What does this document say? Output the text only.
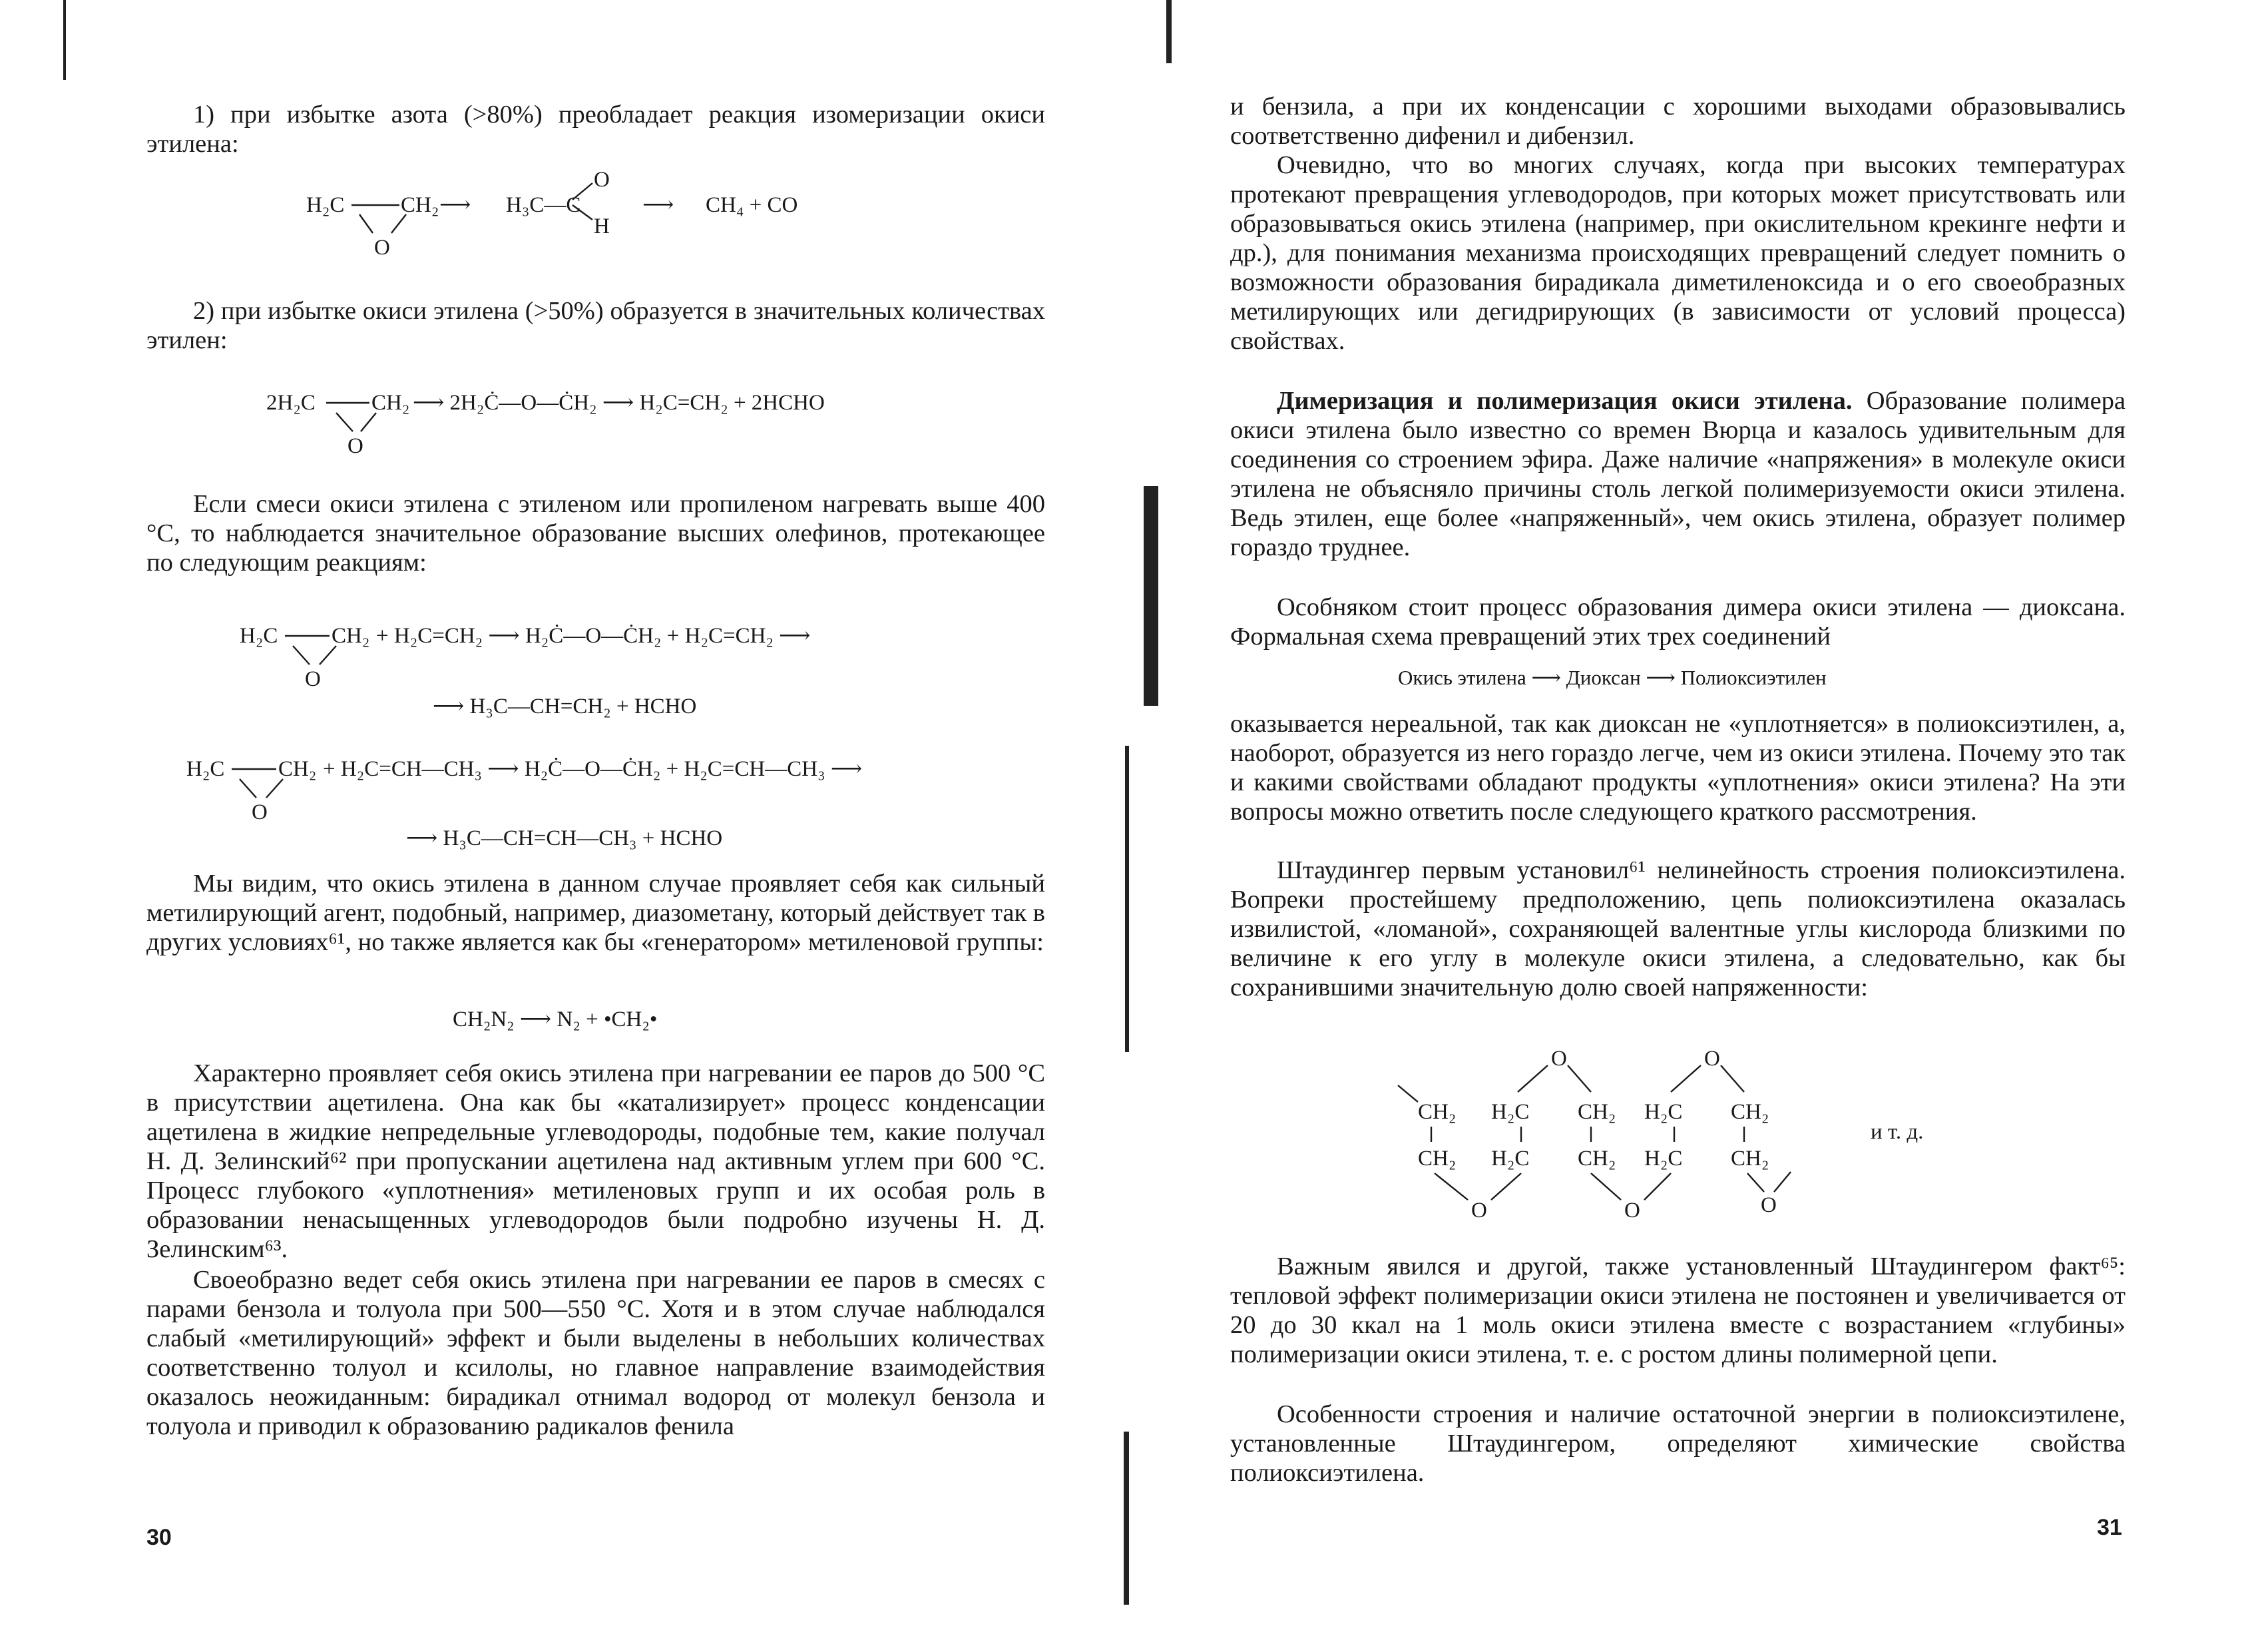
1) при избытке азота (>80%) преобладает реакция изомеризации окиси этилена:

H₂C	CH₂
O
⟶ H₃C—C
O
H
⟶ CH₄ + CO

2) при избытке окиси этилена (>50%) образуется в значительных количествах этилен:

2H₂C	CH₂
O
⟶ 2H₂Ċ—O—ĊH₂ ⟶ H₂C=CH₂ + 2HCHO

Если смеси окиси этилена с этиленом или пропиленом нагревать выше 400 °С, то наблюдается значительное образование высших олефинов, протекающее по следующим реакциям:

H₂C CH₂
O
+ H₂C=CH₂ ⟶ H₂Ċ—O—ĊH₂ + H₂C=CH₂ ⟶
⟶ H₃C—CH=CH₂ + HCHO
H₂C CH₂
O
+ H₂C=CH—CH₃ ⟶ H₂Ċ—O—ĊH₂ + H₂C=CH—CH₃ ⟶
⟶ H₃C—CH=CH—CH₃ + HCHO

Мы видим, что окись этилена в данном случае проявляет себя как сильный метилирующий агент, подобный, например, диазометану, который действует так в других условиях⁶¹, но также является как бы «генератором» метиленовой группы:

CH₂N₂ ⟶ N₂ + •CH₂•

Характерно проявляет себя окись этилена при нагревании ее паров до 500 °С в присутствии ацетилена. Она как бы «катализирует» процесс конденсации ацетилена в жидкие непредельные углеводороды, подобные тем, какие получал Н. Д. Зелинский⁶² при пропускании ацетилена над активным углем при 600 °С. Процесс глубокого «уплотнения» метиленовых групп и их особая роль в образовании ненасыщенных углеводородов были подробно изучены Н. Д. Зелинским⁶³.

Своеобразно ведет себя окись этилена при нагревании ее паров в смесях с парами бензола и толуола при 500—550 °С. Хотя и в этом случае наблюдался слабый «метилирующий» эффект и были выделены в небольших количествах соответственно толуол и ксилолы, но главное направление взаимодействия оказалось неожиданным: бирадикал отнимал водород от молекул бензола и толуола и приводил к образованию радикалов фенила

30

и бензила, а при их конденсации с хорошими выходами образовывались соответственно дифенил и дибензил.

Очевидно, что во многих случаях, когда при высоких температурах протекают превращения углеводородов, при которых может присутствовать или образовываться окись этилена (например, при окислительном крекинге нефти и др.), для понимания механизма происходящих превращений следует помнить о возможности образования бирадикала диметиленоксида и о его своеобразных метилирующих или дегидрирующих (в зависимости от условий процесса) свойствах.

Димеризация и полимеризация окиси этилена. Образование полимера окиси этилена было известно со времен Вюрца и казалось удивительным для соединения со строением эфира. Даже наличие «напряжения» в молекуле окиси этилена не объясняло причины столь легкой полимеризуемости окиси этилена. Ведь этилен, еще более «напряженный», чем окись этилена, образует полимер гораздо труднее.

Особняком стоит процесс образования димера окиси этилена — диоксана. Формальная схема превращений этих трех соединений

Окись этилена ⟶ Диоксан ⟶ Полиоксиэтилен

оказывается нереальной, так как диоксан не «уплотняется» в полиоксиэтилен, а, наоборот, образуется из него гораздо легче, чем из окиси этилена. Почему это так и какими свойствами обладают продукты «уплотнения» окиси этилена? На эти вопросы можно ответить после следующего краткого рассмотрения.

Штаудингер первым установил⁶¹ нелинейность строения полиоксиэтилена. Вопреки простейшему предположению, цепь полиоксиэтилена оказалась извилистой, «ломаной», сохраняющей валентные углы кислорода близкими по величине к его углу в молекуле окиси этилена, а следовательно, как бы сохранившими значительную долю своей напряженности:

O	O
CH₂ H₂C CH₂ H₂C CH₂
CH₂ H₂C CH₂ H₂C CH₂
O	O	O
и т. д.

Важным явился и другой, также установленный Штаудингером факт⁶⁵: тепловой эффект полимеризации окиси этилена не постоянен и увеличивается от 20 до 30 ккал на 1 моль окиси этилена вместе с возрастанием «глубины» полимеризации окиси этилена, т. е. с ростом длины полимерной цепи.

Особенности строения и наличие остаточной энергии в полиоксиэтилене, установленные Штаудингером, определяют химические свойства полиоксиэтилена.

31
